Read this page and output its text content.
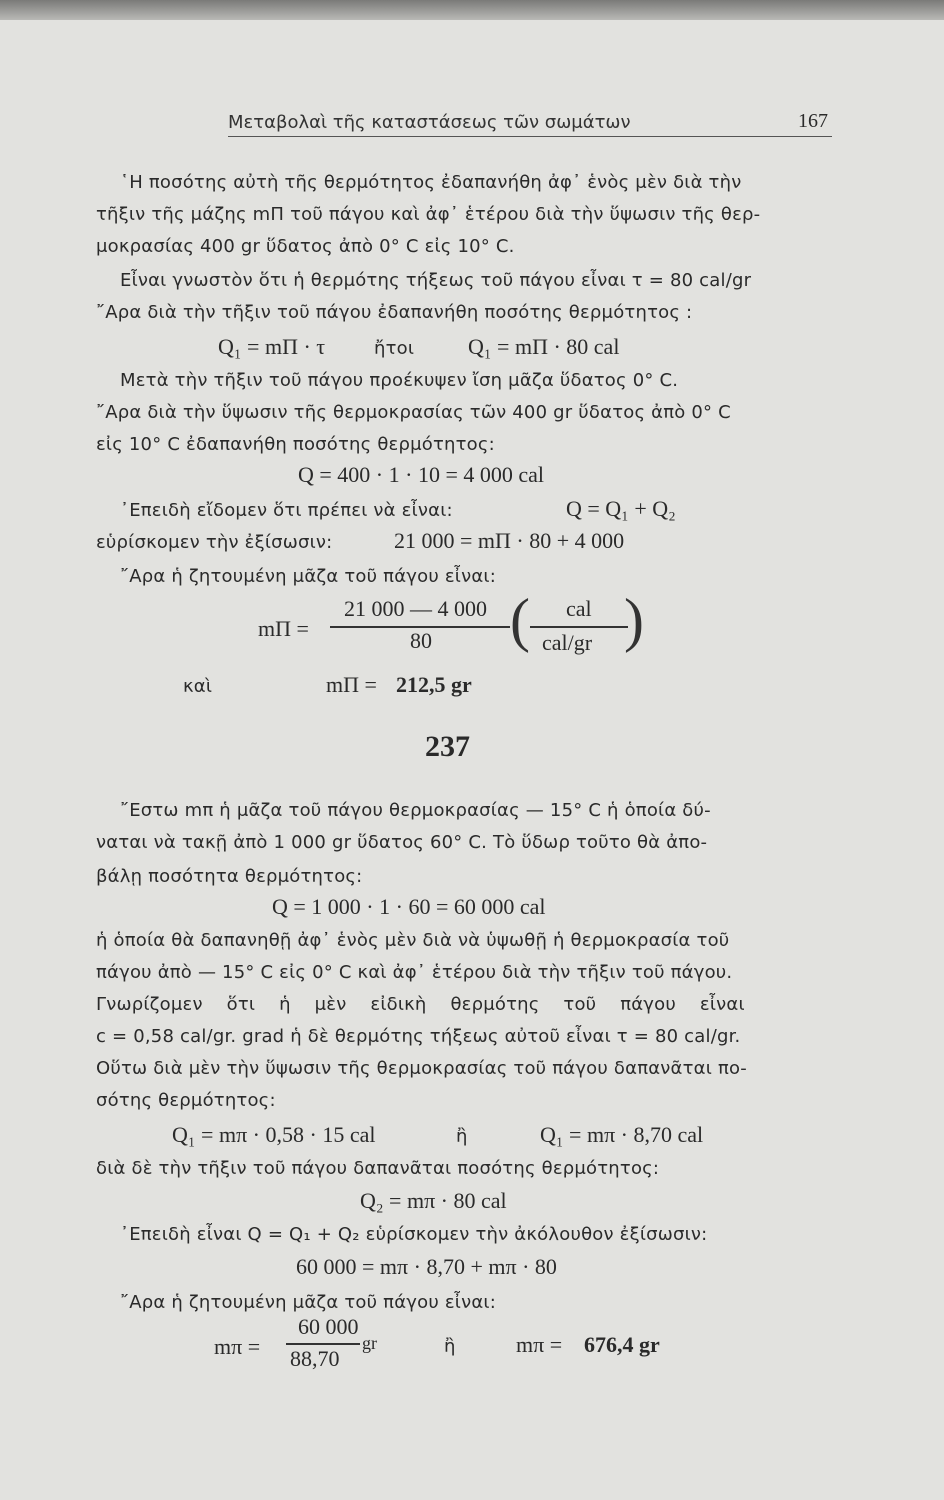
Μεταβολαὶ τῆς καταστάσεως τῶν σωμάτων	167
῾Η ποσότης αὐτὴ τῆς θερμότητος ἐδαπανήθη ἀφ᾿ ἑνὸς μὲν διὰ τὴν
τῆξιν τῆς μάζης mΠ τοῦ πάγου καὶ ἀφ᾿ ἑτέρου διὰ τὴν ὕψωσιν τῆς θερ-
μοκρασίας 400 gr ὕδατος ἀπὸ 0° C εἰς 10° C.
Εἶναι γνωστὸν ὅτι ἡ θερμότης τήξεως τοῦ πάγου εἶναι τ = 80 cal/gr
῎Αρα διὰ τὴν τῆξιν τοῦ πάγου ἐδαπανήθη ποσότης θερμότητος :
Q₁ = mΠ · τ	ἤτοι Q₁ = mΠ · 80 cal
Μετὰ τὴν τῆξιν τοῦ πάγου προέκυψεν ἴση μᾶζα ὕδατος 0° C.
῎Αρα διὰ τὴν ὕψωσιν τῆς θερμοκρασίας τῶν 400 gr ὕδατος ἀπὸ 0° C
εἰς 10° C ἐδαπανήθη ποσότης θερμότητος:
Q = 400 · 1 · 10 = 4 000 cal
᾿Επειδὴ εἴδομεν ὅτι πρέπει νὰ εἶναι:	Q = Q₁ + Q₂
εὑρίσκομεν τὴν ἐξίσωσιν:	21 000 = mΠ · 80 + 4 000
῎Αρα ἡ ζητουμένη μᾶζα τοῦ πάγου εἶναι:
mΠ =
21 000 — 4 000
80 ( cal
cal/gr )
καὶ	mΠ = 212,5 gr
237
῎Εστω mπ ἡ μᾶζα τοῦ πάγου θερμοκρασίας — 15° C ἡ ὁποία δύ-
ναται νὰ τακῇ ἀπὸ 1 000 gr ὕδατος 60° C. Τὸ ὕδωρ τοῦτο θὰ ἀπο-
βάλῃ ποσότητα θερμότητος:
Q = 1 000 · 1 · 60 = 60 000 cal
ἡ ὁποία θὰ δαπανηθῇ ἀφ᾿ ἑνὸς μὲν διὰ νὰ ὑψωθῇ ἡ θερμοκρασία τοῦ
πάγου ἀπὸ — 15° C εἰς 0° C καὶ ἀφ᾿ ἑτέρου διὰ τὴν τῆξιν τοῦ πάγου.
Γνωρίζομεν ὅτι ἡ μὲν εἰδικὴ θερμότης τοῦ πάγου εἶναι
c = 0,58 cal/gr. grad ἡ δὲ θερμότης τήξεως αὐτοῦ εἶναι τ = 80 cal/gr.
Οὕτω διὰ μὲν τὴν ὕψωσιν τῆς θερμοκρασίας τοῦ πάγου δαπανᾶται πο-
σότης θερμότητος:
Q₁ = mπ · 0,58 · 15 cal	ἢ	Q₁ = mπ · 8,70 cal
διὰ δὲ τὴν τῆξιν τοῦ πάγου δαπανᾶται ποσότης θερμότητος:
Q₂ = mπ · 80 cal
᾿Επειδὴ εἶναι Q = Q₁ + Q₂ εὑρίσκομεν τὴν ἀκόλουθον ἐξίσωσιν:
60 000 = mπ · 8,70 + mπ · 80
῎Αρα ἡ ζητουμένη μᾶζα τοῦ πάγου εἶναι:
mπ =
60 000
88,70
gr	ἢ	mπ = 676,4 gr
